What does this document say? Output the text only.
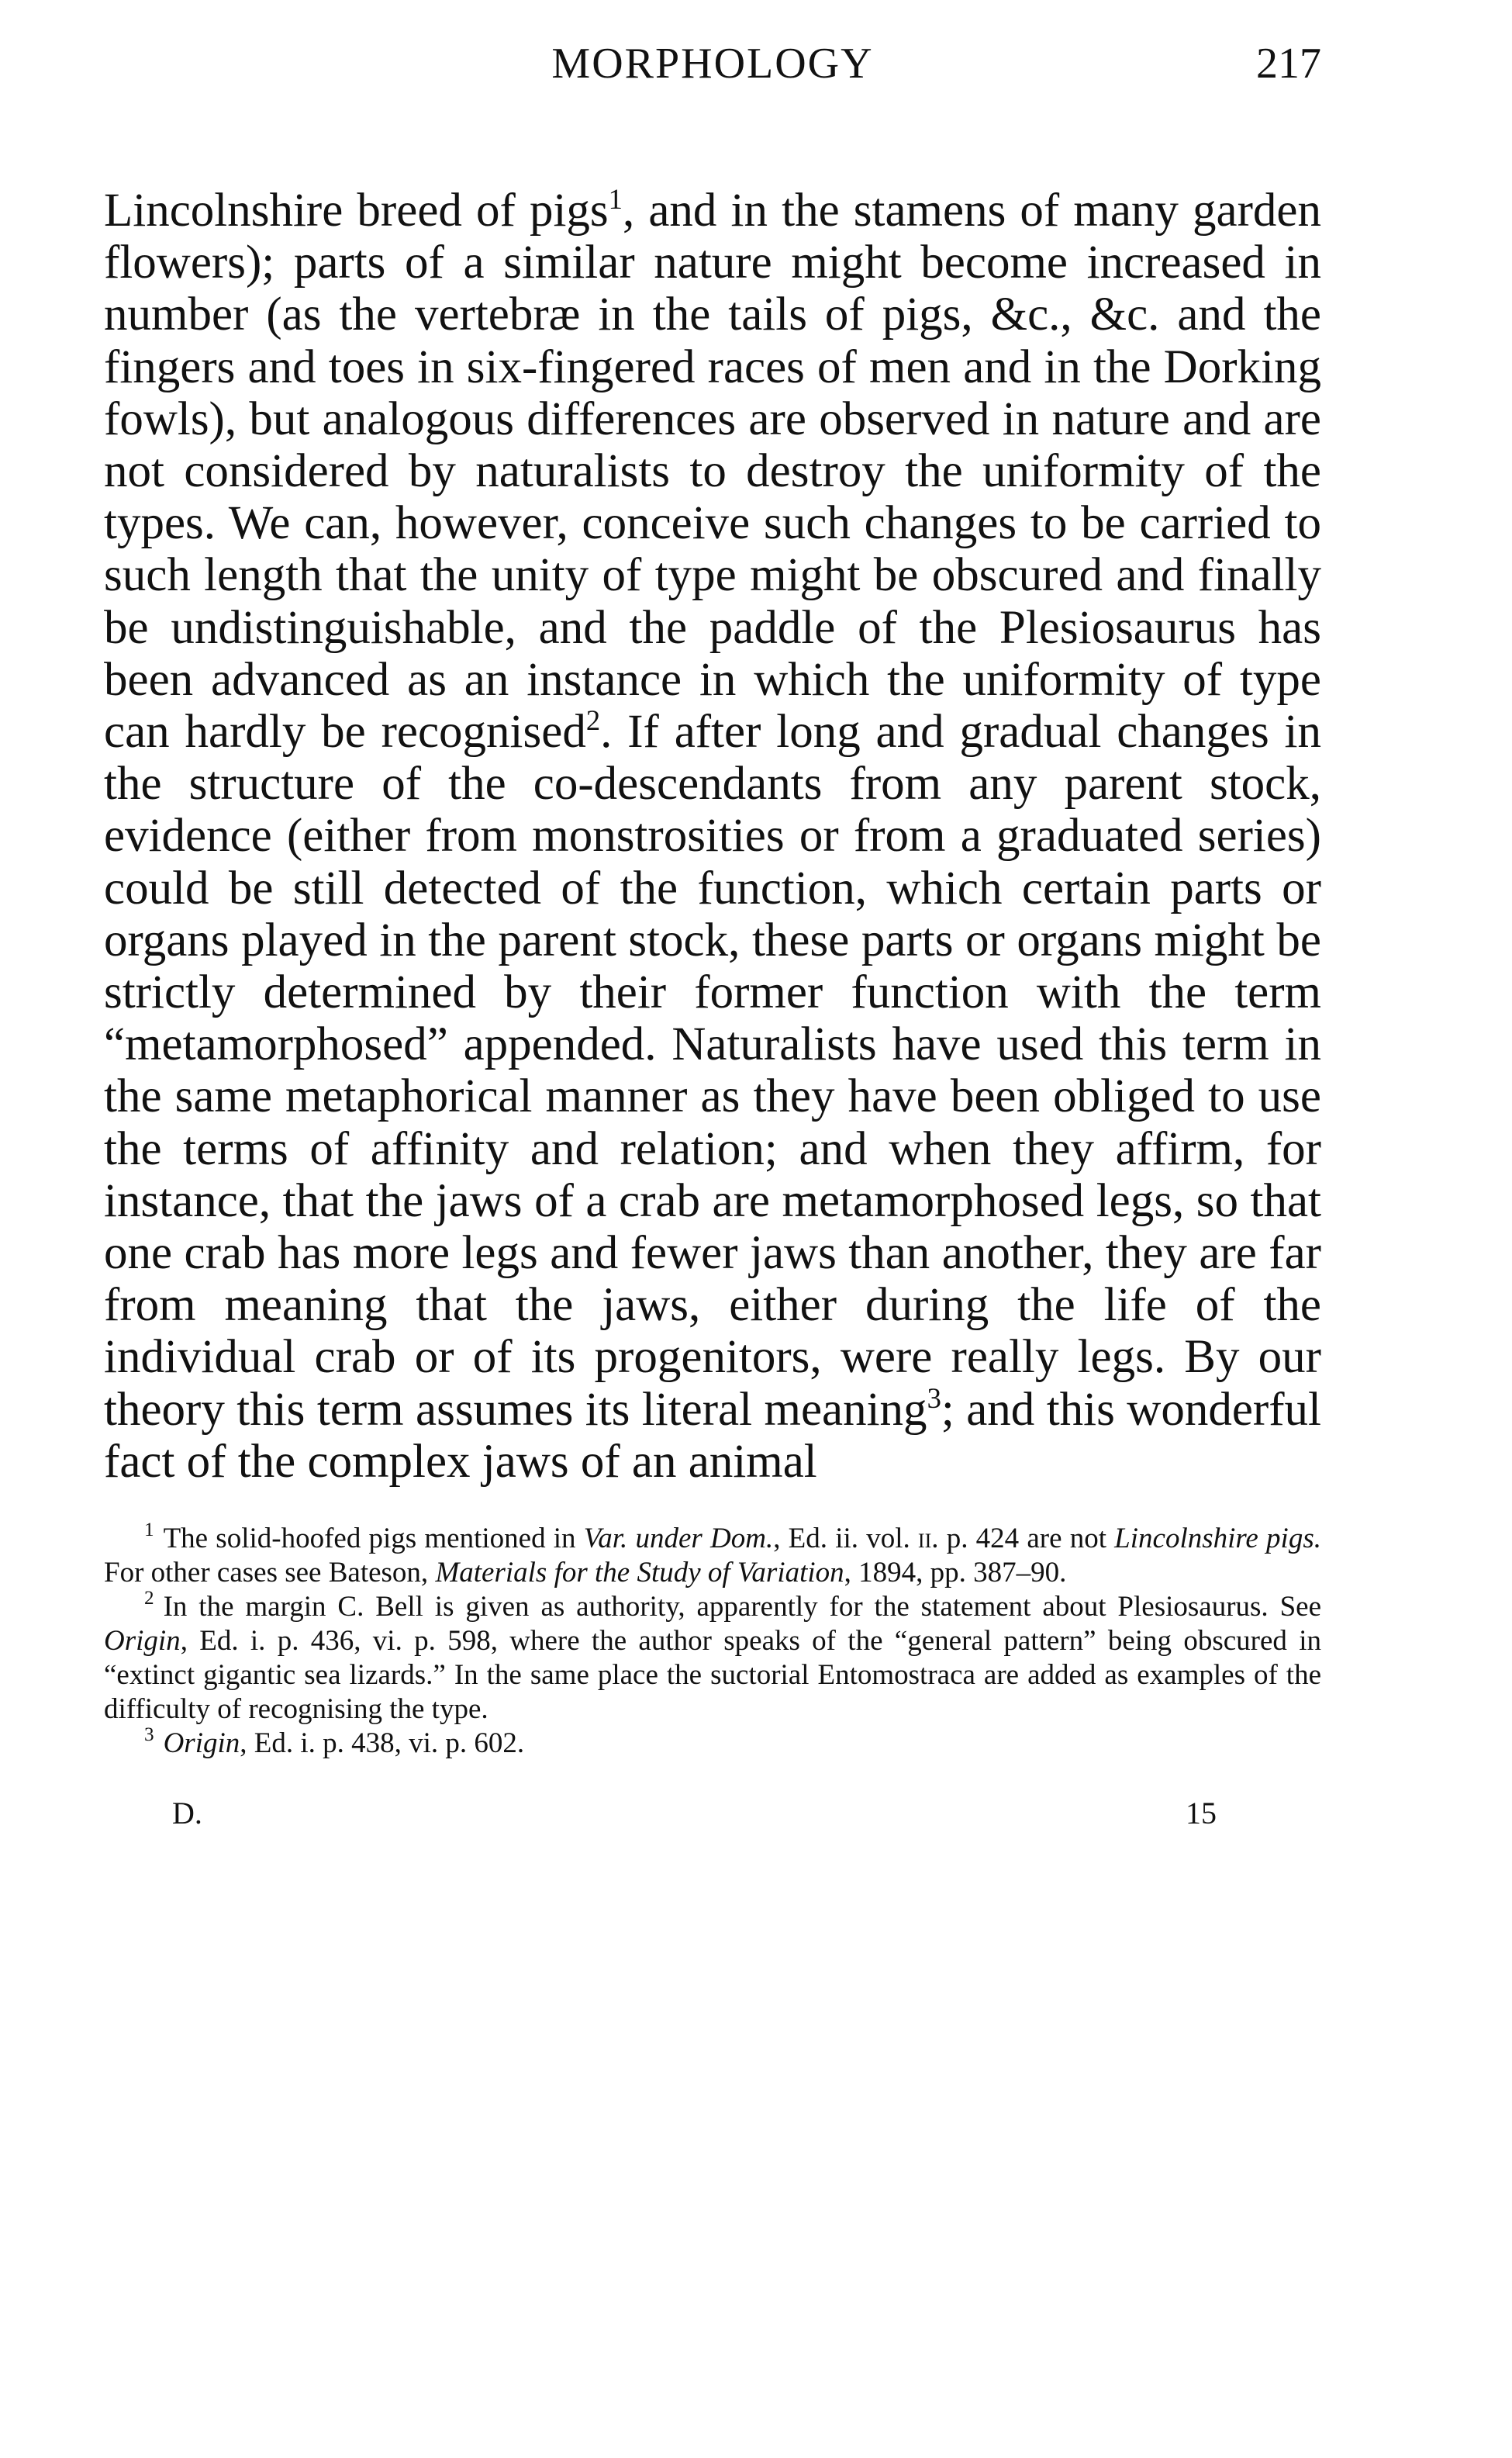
MORPHOLOGY	217

Lincolnshire breed of pigs$^1$, and in the stamens of many garden flowers); parts of a similar nature might become increased in number (as the vertebræ in the tails of pigs, &c., &c. and the fingers and toes in six-fingered races of men and in the Dorking fowls), but analogous differences are observed in nature and are not considered by naturalists to destroy the uniformity of the types. We can, however, conceive such changes to be carried to such length that the unity of type might be obscured and finally be undistinguishable, and the paddle of the Plesiosaurus has been advanced as an instance in which the uniformity of type can hardly be recognised$^2$. If after long and gradual changes in the structure of the co-descendants from any parent stock, evidence (either from monstrosities or from a graduated series) could be still detected of the function, which certain parts or organs played in the parent stock, these parts or organs might be strictly determined by their former function with the term “metamorphosed” appended. Naturalists have used this term in the same metaphorical manner as they have been obliged to use the terms of affinity and relation; and when they affirm, for instance, that the jaws of a crab are metamorphosed legs, so that one crab has more legs and fewer jaws than another, they are far from meaning that the jaws, either during the life of the individual crab or of its progenitors, were really legs. By our theory this term assumes its literal meaning$^3$; and this wonderful fact of the complex jaws of an animal

$^1$ The solid-hoofed pigs mentioned in Var. under Dom., Ed. ii. vol. ii. p. 424 are not Lincolnshire pigs. For other cases see Bateson, Materials for the Study of Variation, 1894, pp. 387–90.

$^2$ In the margin C. Bell is given as authority, apparently for the statement about Plesiosaurus. See Origin, Ed. i. p. 436, vi. p. 598, where the author speaks of the “general pattern” being obscured in “extinct gigantic sea lizards.” In the same place the suctorial Entomostraca are added as examples of the difficulty of recognising the type.

$^3$ Origin, Ed. i. p. 438, vi. p. 602.

D.	15
